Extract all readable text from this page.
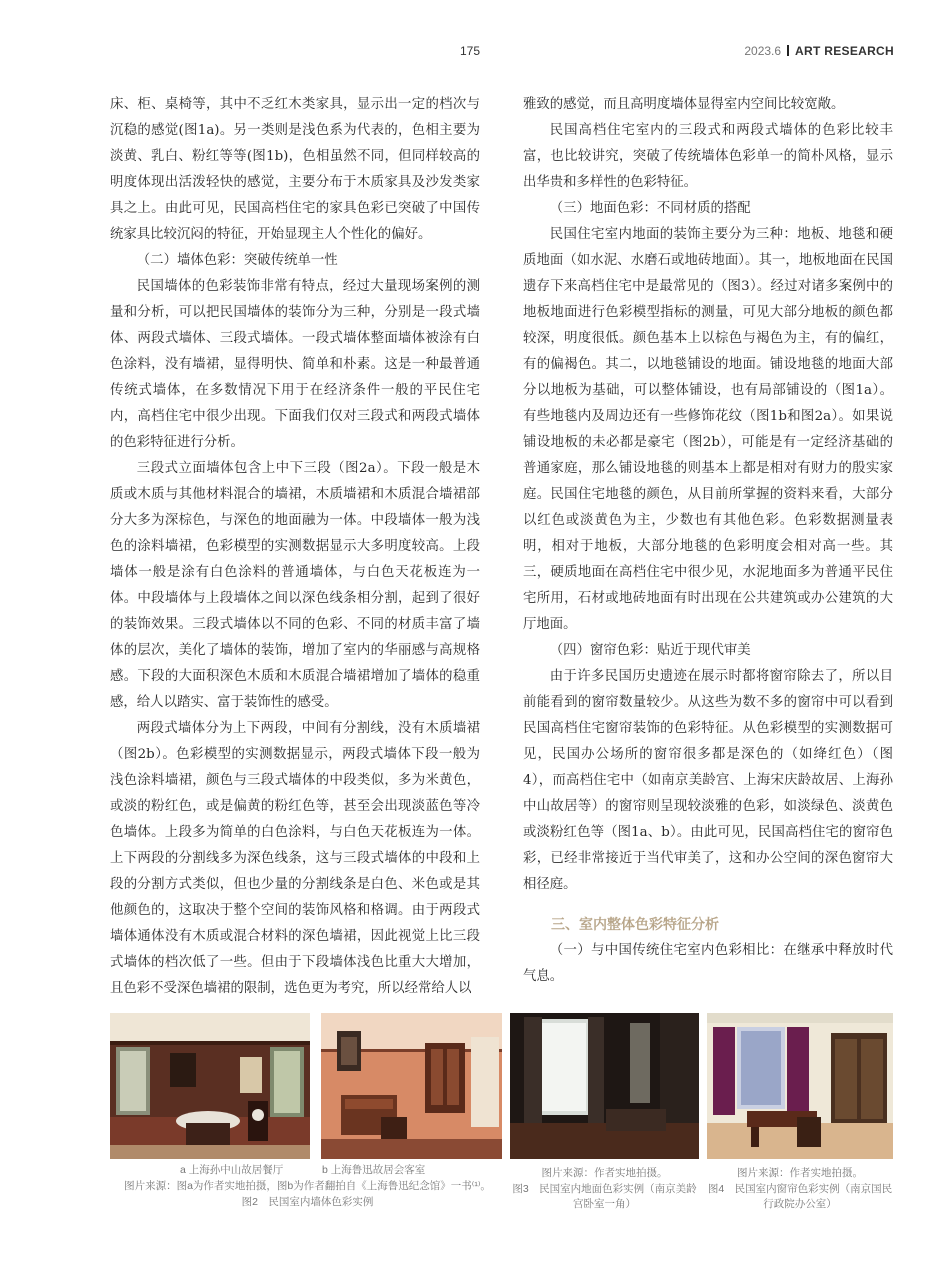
175	2023.6 ART RESEARCH

床、柜、桌椅等，其中不乏红木类家具，显示出一定的档次与沉稳的感觉(图1a)。另一类则是浅色系为代表的，色相主要为淡黄、乳白、粉红等等(图1b)，色相虽然不同，但同样较高的明度体现出活泼轻快的感觉，主要分布于木质家具及沙发类家具之上。由此可见，民国高档住宅的家具色彩已突破了中国传统家具比较沉闷的特征，开始显现主人个性化的偏好。

（二）墙体色彩：突破传统单一性

民国墙体的色彩装饰非常有特点，经过大量现场案例的测量和分析，可以把民国墙体的装饰分为三种，分别是一段式墙体、两段式墙体、三段式墙体。一段式墙体整面墙体被涂有白色涂料，没有墙裙，显得明快、简单和朴素。这是一种最普通传统式墙体，在多数情况下用于在经济条件一般的平民住宅内，高档住宅中很少出现。下面我们仅对三段式和两段式墙体的色彩特征进行分析。

三段式立面墙体包含上中下三段（图2a）。下段一般是木质或木质与其他材料混合的墙裙，木质墙裙和木质混合墙裙部分大多为深棕色，与深色的地面融为一体。中段墙体一般为浅色的涂料墙裙，色彩模型的实测数据显示大多明度较高。上段墙体一般是涂有白色涂料的普通墙体，与白色天花板连为一体。中段墙体与上段墙体之间以深色线条相分割，起到了很好的装饰效果。三段式墙体以不同的色彩、不同的材质丰富了墙体的层次，美化了墙体的装饰，增加了室内的华丽感与高规格感。下段的大面积深色木质和木质混合墙裙增加了墙体的稳重感，给人以踏实、富于装饰性的感受。

两段式墙体分为上下两段，中间有分割线，没有木质墙裙（图2b）。色彩模型的实测数据显示，两段式墙体下段一般为浅色涂料墙裙，颜色与三段式墙体的中段类似，多为米黄色，或淡的粉红色，或是偏黄的粉红色等，甚至会出现淡蓝色等冷色墙体。上段多为简单的白色涂料，与白色天花板连为一体。上下两段的分割线多为深色线条，这与三段式墙体的中段和上段的分割方式类似，但也少量的分割线条是白色、米色或是其他颜色的，这取决于整个空间的装饰风格和格调。由于两段式墙体通体没有木质或混合材料的深色墙裙，因此视觉上比三段式墙体的档次低了一些。但由于下段墙体浅色比重大大增加，且色彩不受深色墙裙的限制，选色更为考究，所以经常给人以

雅致的感觉，而且高明度墙体显得室内空间比较宽敞。

民国高档住宅室内的三段式和两段式墙体的色彩比较丰富，也比较讲究，突破了传统墙体色彩单一的简朴风格，显示出华贵和多样性的色彩特征。

（三）地面色彩：不同材质的搭配

民国住宅室内地面的装饰主要分为三种：地板、地毯和硬质地面（如水泥、水磨石或地砖地面）。其一，地板地面在民国遗存下来高档住宅中是最常见的（图3）。经过对诸多案例中的地板地面进行色彩模型指标的测量，可见大部分地板的颜色都较深，明度很低。颜色基本上以棕色与褐色为主，有的偏红，有的偏褐色。其二，以地毯铺设的地面。铺设地毯的地面大部分以地板为基础，可以整体铺设，也有局部铺设的（图1a）。有些地毯内及周边还有一些修饰花纹（图1b和图2a）。如果说铺设地板的未必都是豪宅（图2b），可能是有一定经济基础的普通家庭，那么铺设地毯的则基本上都是相对有财力的殷实家庭。民国住宅地毯的颜色，从目前所掌握的资料来看，大部分以红色或淡黄色为主，少数也有其他色彩。色彩数据测量表明，相对于地板，大部分地毯的色彩明度会相对高一些。其三，硬质地面在高档住宅中很少见，水泥地面多为普通平民住宅所用，石材或地砖地面有时出现在公共建筑或办公建筑的大厅地面。

（四）窗帘色彩：贴近于现代审美

由于许多民国历史遗迹在展示时都将窗帘除去了，所以目前能看到的窗帘数量较少。从这些为数不多的窗帘中可以看到民国高档住宅窗帘装饰的色彩特征。从色彩模型的实测数据可见，民国办公场所的窗帘很多都是深色的（如绛红色）（图4），而高档住宅中（如南京美龄宫、上海宋庆龄故居、上海孙中山故居等）的窗帘则呈现较淡雅的色彩，如淡绿色、淡黄色或淡粉红色等（图1a、b）。由此可见，民国高档住宅的窗帘色彩，已经非常接近于当代审美了，这和办公空间的深色窗帘大相径庭。

三、室内整体色彩特征分析

（一）与中国传统住宅室内色彩相比：在继承中释放时代气息。

a 上海孙中山故居餐厅	b 上海鲁迅故居会客室
图片来源：图a为作者实地拍摄，图b为作者翻拍自《上海鲁迅纪念馆》一书⁽¹⁾。
图2　民国室内墙体色彩实例
图片来源：作者实地拍摄。
图3　民国室内地面色彩实例（南京美龄宫卧室一角）
图片来源：作者实地拍摄。
图4　民国室内窗帘色彩实例（南京国民行政院办公室）
